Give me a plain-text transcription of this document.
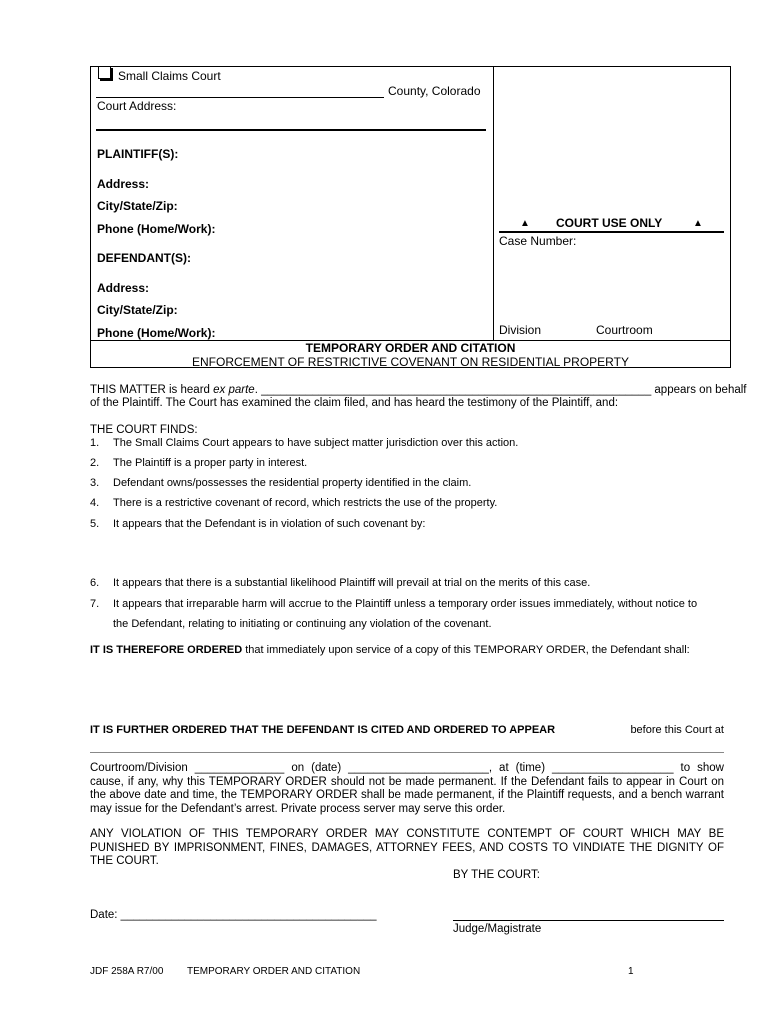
Small Claims Court
County, Colorado
Court Address:
PLAINTIFF(S):
Address:
City/State/Zip:
Phone (Home/Work):
DEFENDANT(S):
Address:
City/State/Zip:
Phone (Home/Work):
▲ COURT USE ONLY	▲
Case Number:
Division	Courtroom
TEMPORARY ORDER AND CITATION
ENFORCEMENT OF RESTRICTIVE COVENANT ON RESIDENTIAL PROPERTY
THIS MATTER is heard ex parte. _____________________________________________________________ appears on behalf
of the Plaintiff. The Court has examined the claim filed, and has heard the testimony of the Plaintiff, and:
THE COURT FINDS:
1. The Small Claims Court appears to have subject matter jurisdiction over this action.
2. The Plaintiff is a proper party in interest.
3. Defendant owns/possesses the residential property identified in the claim.
4. There is a restrictive covenant of record, which restricts the use of the property.
5. It appears that the Defendant is in violation of such covenant by:
6. It appears that there is a substantial likelihood Plaintiff will prevail at trial on the merits of this case.
7. It appears that irreparable harm will accrue to the Plaintiff unless a temporary order issues immediately, without notice to
the Defendant, relating to initiating or continuing any violation of the covenant.
IT IS THEREFORE ORDERED that immediately upon service of a copy of this TEMPORARY ORDER, the Defendant shall:
IT IS FURTHER ORDERED THAT THE DEFENDANT IS CITED AND ORDERED TO APPEAR	before this Court at
Courtroom/Division ______________ on (date) ______________________, at (time) ___________________ to show cause, if any, why this TEMPORARY ORDER should not be made permanent. If the Defendant fails to appear in Court on the above date and time, the TEMPORARY ORDER shall be made permanent, if the Plaintiff requests, and a bench warrant may issue for the Defendant’s arrest. Private process server may serve this order.
ANY VIOLATION OF THIS TEMPORARY ORDER MAY CONSTITUTE CONTEMPT OF COURT WHICH MAY BE PUNISHED BY IMPRISONMENT, FINES, DAMAGES, ATTORNEY FEES, AND COSTS TO VINDIATE THE DIGNITY OF THE COURT.
BY THE COURT:
Date: ________________________________________
Judge/Magistrate
JDF 258A R7/00 TEMPORARY ORDER AND CITATION	1
